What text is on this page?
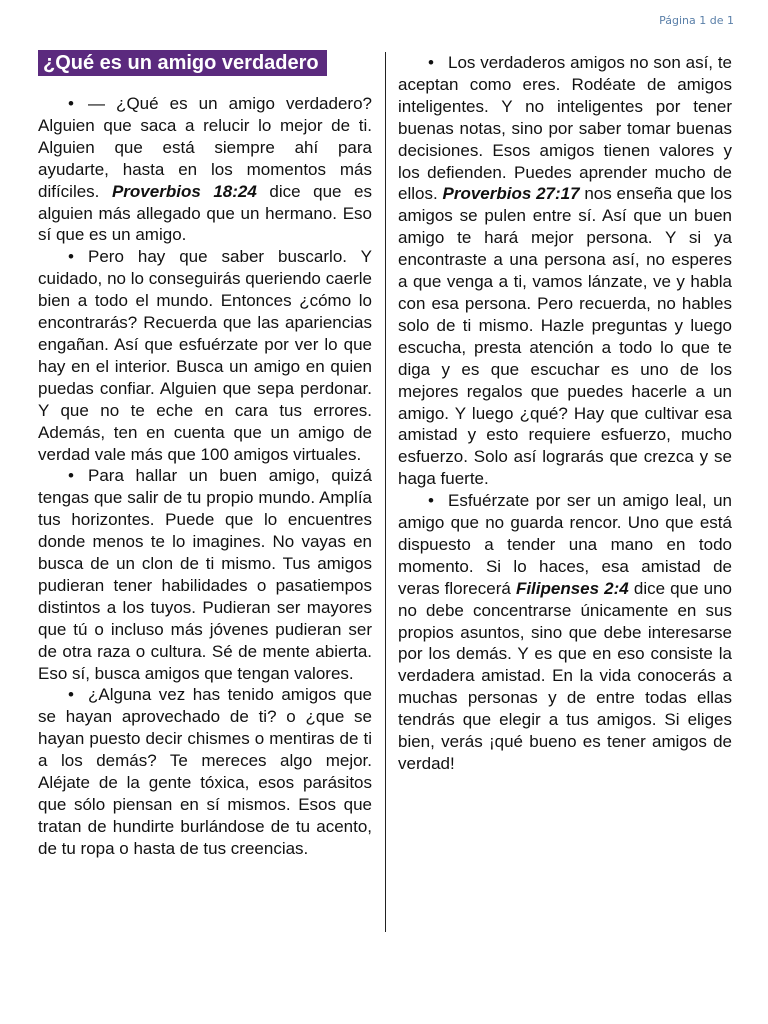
Página 1 de 1
¿Qué es un amigo verdadero

• — ¿Qué es un amigo verdadero? Alguien que saca a relucir lo mejor de ti. Alguien que está siempre ahí para ayudarte, hasta en los momentos más difíciles. Proverbios 18:24 dice que es alguien más allegado que un hermano. Eso sí que es un amigo.

• Pero hay que saber buscarlo. Y cuidado, no lo conseguirás queriendo caerle bien a todo el mundo. Entonces ¿cómo lo encontrarás? Recuerda que las apariencias engañan. Así que esfuérzate por ver lo que hay en el interior. Busca un amigo en quien puedas confiar. Alguien que sepa perdonar. Y que no te eche en cara tus errores. Además, ten en cuenta que un amigo de verdad vale más que 100 amigos virtuales.

• Para hallar un buen amigo, quizá tengas que salir de tu propio mundo. Amplía tus horizontes. Puede que lo encuentres donde menos te lo imagines. No vayas en busca de un clon de ti mismo. Tus amigos pudieran tener habilidades o pasatiempos distintos a los tuyos. Pudieran ser mayores que tú o incluso más jóvenes pudieran ser de otra raza o cultura. Sé de mente abierta. Eso sí, busca amigos que tengan valores.

• ¿Alguna vez has tenido amigos que se hayan aprovechado de ti? o ¿que se hayan puesto decir chismes o mentiras de ti a los demás? Te mereces algo mejor. Aléjate de la gente tóxica, esos parásitos que sólo piensan en sí mismos. Esos que tratan de hundirte burlándose de tu acento, de tu ropa o hasta de tus creencias.

• Los verdaderos amigos no son así, te aceptan como eres. Rodéate de amigos inteligentes. Y no inteligentes por tener buenas notas, sino por saber tomar buenas decisiones. Esos amigos tienen valores y los defienden. Puedes aprender mucho de ellos. Proverbios 27:17 nos enseña que los amigos se pulen entre sí. Así que un buen amigo te hará mejor persona. Y si ya encontraste a una persona así, no esperes a que venga a ti, vamos lánzate, ve y habla con esa persona. Pero recuerda, no hables solo de ti mismo. Hazle preguntas y luego escucha, presta atención a todo lo que te diga y es que escuchar es uno de los mejores regalos que puedes hacerle a un amigo. Y luego ¿qué? Hay que cultivar esa amistad y esto requiere esfuerzo, mucho esfuerzo. Solo así lograrás que crezca y se haga fuerte.

• Esfuérzate por ser un amigo leal, un amigo que no guarda rencor. Uno que está dispuesto a tender una mano en todo momento. Si lo haces, esa amistad de veras florecerá Filipenses 2:4 dice que uno no debe concentrarse únicamente en sus propios asuntos, sino que debe interesarse por los demás. Y es que en eso consiste la verdadera amistad. En la vida conocerás a muchas personas y de entre todas ellas tendrás que elegir a tus amigos. Si eliges bien, verás ¡qué bueno es tener amigos de verdad!
